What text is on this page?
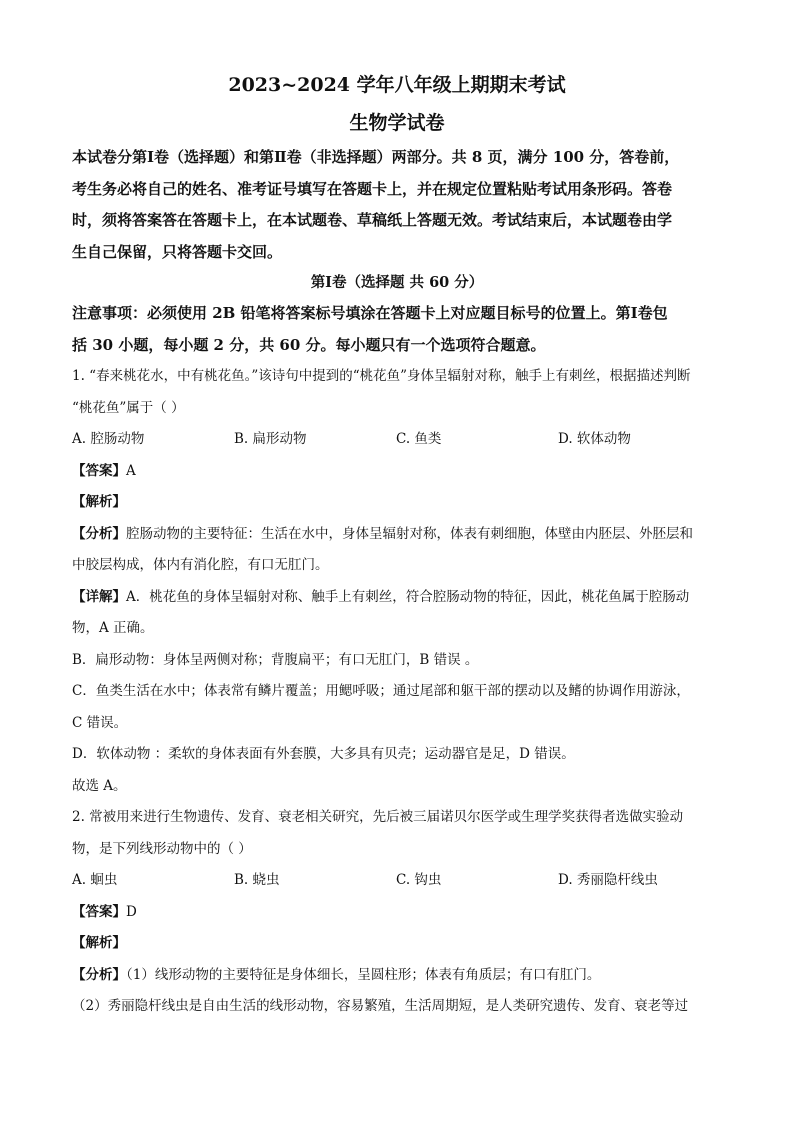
2023~2024 学年八年级上期期末考试

生物学试卷

本试卷分第Ⅰ卷（选择题）和第Ⅱ卷（非选择题）两部分。共 8 页，满分 100 分，答卷前，

考生务必将自己的姓名、准考证号填写在答题卡上，并在规定位置粘贴考试用条形码。答卷

时，须将答案答在答题卡上，在本试题卷、草稿纸上答题无效。考试结束后，本试题卷由学

生自己保留，只将答题卡交回。

第Ⅰ卷（选择题 共 60 分）

注意事项：必须使用 2B 铅笔将答案标号填涂在答题卡上对应题目标号的位置上。第Ⅰ卷包

括 30 小题，每小题 2 分，共 60 分。每小题只有一个选项符合题意。

1. “春来桃花水，中有桃花鱼。”该诗句中提到的“桃花鱼”身体呈辐射对称，触手上有刺丝，根据描述判断

“桃花鱼”属于（ ）

A. 腔肠动物	B. 扁形动物	C. 鱼类	D. 软体动物

【答案】A

【解析】

【分析】腔肠动物的主要特征：生活在水中，身体呈辐射对称，体表有刺细胞，体壁由内胚层、外胚层和

中胶层构成，体内有消化腔，有口无肛门。

【详解】A．桃花鱼的身体呈辐射对称、触手上有刺丝，符合腔肠动物的特征，因此，桃花鱼属于腔肠动

物，A 正确。

B．扁形动物：身体呈两侧对称；背腹扁平；有口无肛门，B 错误 。

C．鱼类生活在水中；体表常有鳞片覆盖；用鳃呼吸；通过尾部和躯干部的摆动以及鳍的协调作用游泳，

C 错误。

D．软体动物 ：柔软的身体表面有外套膜，大多具有贝壳；运动器官是足，D 错误。

故选 A。

2. 常被用来进行生物遗传、发育、衰老相关研究，先后被三届诺贝尔医学或生理学奖获得者选做实验动

物，是下列线形动物中的（ ）

A. 蛔虫	B. 蛲虫	C. 钩虫	D. 秀丽隐杆线虫

【答案】D

【解析】

【分析】（1）线形动物的主要特征是身体细长，呈圆柱形；体表有角质层；有口有肛门。

（2）秀丽隐杆线虫是自由生活的线形动物，容易繁殖，生活周期短，是人类研究遗传、发育、衰老等过
